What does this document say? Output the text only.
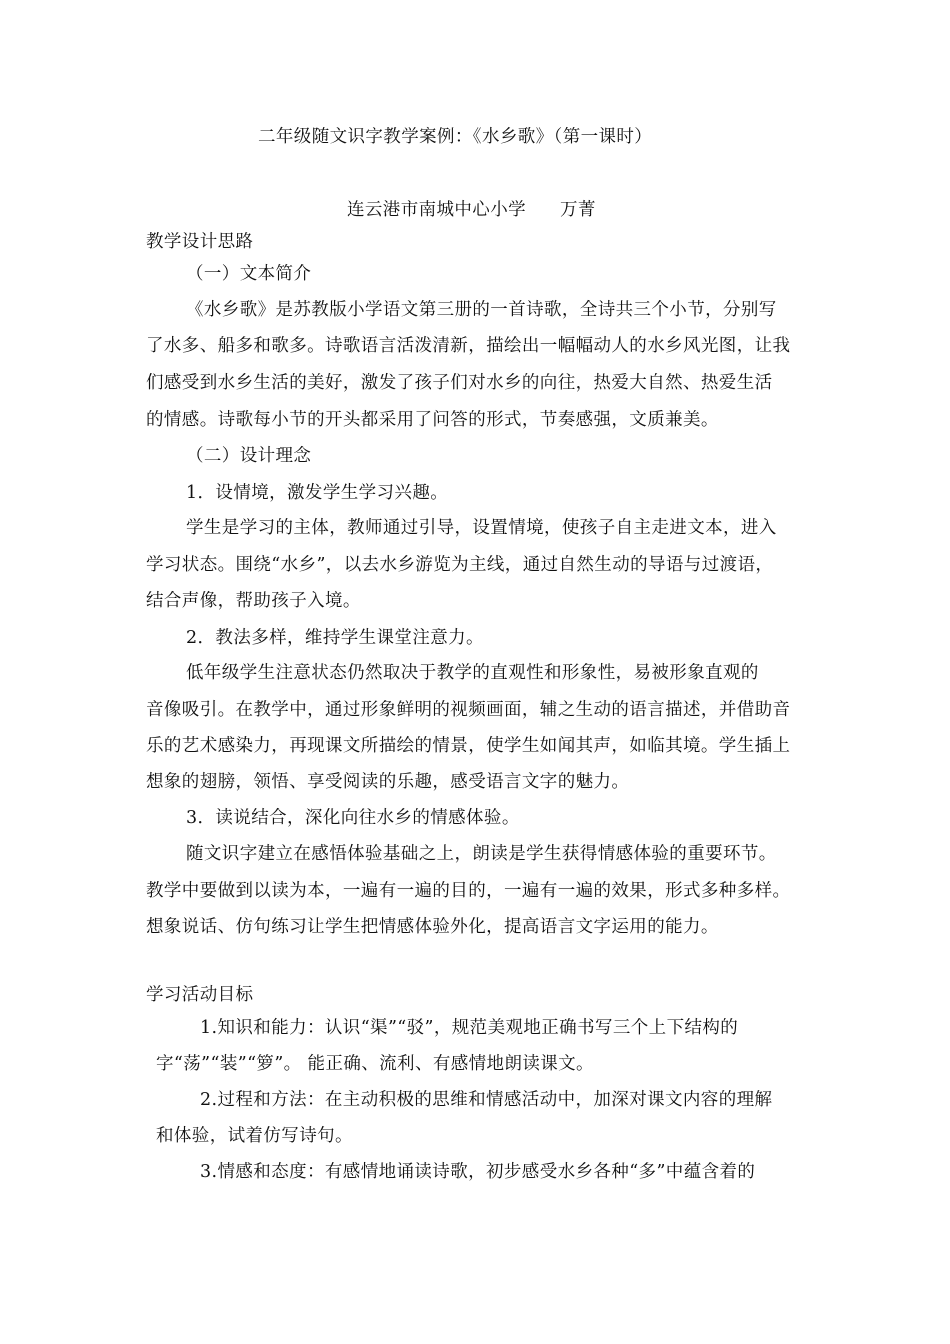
二年级随文识字教学案例：《水乡歌》（第一课时）
连云港市南城中心小学 万菁
教学设计思路
（一）文本简介
《水乡歌》是苏教版小学语文第三册的一首诗歌，全诗共三个小节，分别写
了水多、船多和歌多。诗歌语言活泼清新，描绘出一幅幅动人的水乡风光图，让我
们感受到水乡生活的美好，激发了孩子们对水乡的向往，热爱大自然、热爱生活
的情感。诗歌每小节的开头都采用了问答的形式，节奏感强，文质兼美。
（二）设计理念
1．设情境，激发学生学习兴趣。
学生是学习的主体，教师通过引导，设置情境，使孩子自主走进文本，进入
学习状态。围绕“水乡”，以去水乡游览为主线，通过自然生动的导语与过渡语，
结合声像，帮助孩子入境。
2．教法多样，维持学生课堂注意力。
低年级学生注意状态仍然取决于教学的直观性和形象性，易被形象直观的
音像吸引。在教学中，通过形象鲜明的视频画面，辅之生动的语言描述，并借助音
乐的艺术感染力，再现课文所描绘的情景，使学生如闻其声，如临其境。学生插上
想象的翅膀，领悟、享受阅读的乐趣，感受语言文字的魅力。
3．读说结合，深化向往水乡的情感体验。
随文识字建立在感悟体验基础之上，朗读是学生获得情感体验的重要环节。
教学中要做到以读为本，一遍有一遍的目的，一遍有一遍的效果，形式多种多样。
想象说话、仿句练习让学生把情感体验外化，提高语言文字运用的能力。
学习活动目标
1.知识和能力：认识“渠”“驳”，规范美观地正确书写三个上下结构的
字“荡”“装”“箩”。 能正确、流利、有感情地朗读课文。
2.过程和方法：在主动积极的思维和情感活动中，加深对课文内容的理解
和体验，试着仿写诗句。
3.情感和态度：有感情地诵读诗歌，初步感受水乡各种“多”中蕴含着的
